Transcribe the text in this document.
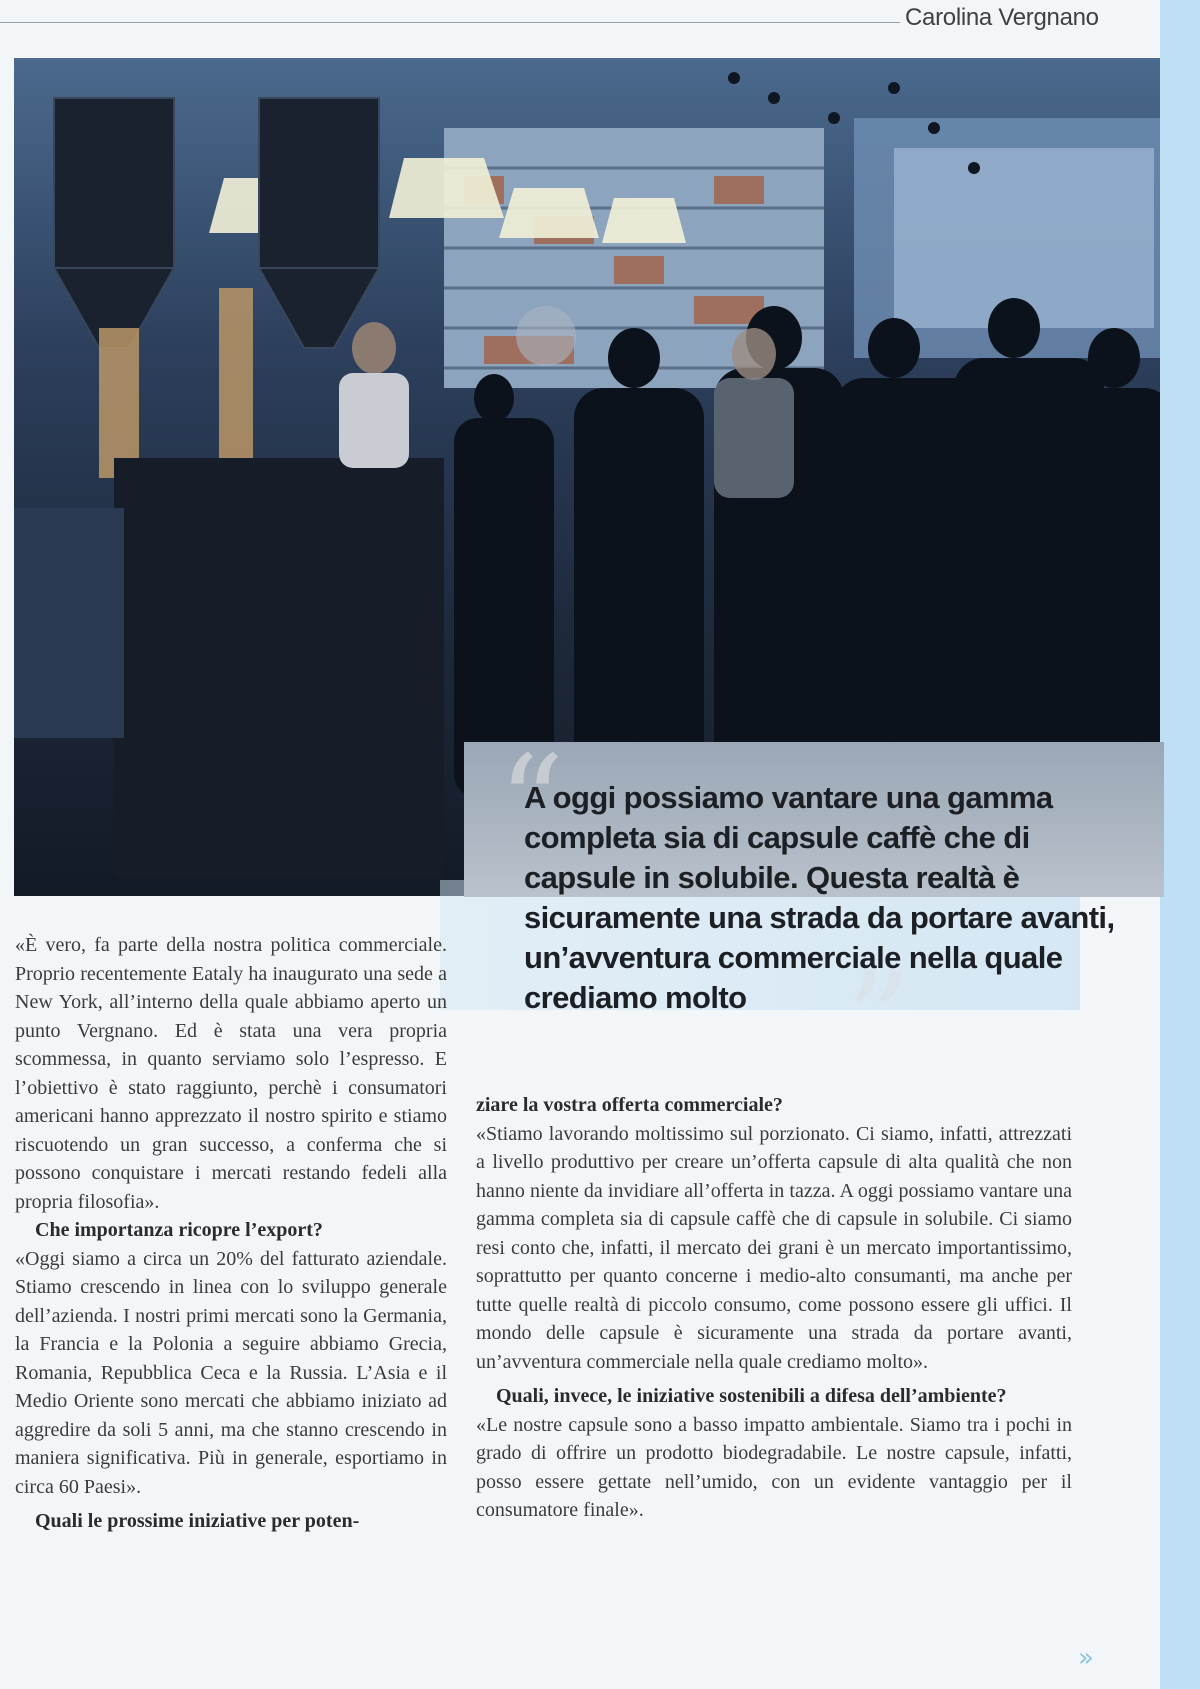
Carolina Vergnano
“

A oggi possiamo vantare una gamma completa sia di capsule caffè che di capsule in solubile. Questa realtà è sicuramente una strada da portare avanti, un’avventura commerciale nella quale crediamo molto ”

«È vero, fa parte della nostra politica commerciale. Proprio recentemente Eataly ha inaugurato una sede a New York, all’interno della quale abbiamo aperto un punto Vergnano. Ed è stata una vera propria scommessa, in quanto serviamo solo l’espresso. E l’obiettivo è stato raggiunto, perchè i consumatori americani hanno apprezzato il nostro spirito e stiamo riscuotendo un gran successo, a conferma che si possono conquistare i mercati restando fedeli alla propria filosofia».

Che importanza ricopre l’export?

«Oggi siamo a circa un 20% del fatturato aziendale. Stiamo crescendo in linea con lo sviluppo generale dell’azienda. I nostri primi mercati sono la Germania, la Francia e la Polonia a seguire abbiamo Grecia, Romania, Repubblica Ceca e la Russia. L’Asia e il Medio Oriente sono mercati che abbiamo iniziato ad aggredire da soli 5 anni, ma che stanno crescendo in maniera significativa. Più in generale, esportiamo in circa 60 Paesi».

Quali le prossime iniziative per poten-

ziare la vostra offerta commerciale?

«Stiamo lavorando moltissimo sul porzionato. Ci siamo, infatti, attrezzati a livello produttivo per creare un’offerta capsule di alta qualità che non hanno niente da invidiare all’offerta in tazza. A oggi possiamo vantare una gamma completa sia di capsule caffè che di capsule in solubile. Ci siamo resi conto che, infatti, il mercato dei grani è un mercato importantissimo, soprattutto per quanto concerne i medio-alto consumanti, ma anche per tutte quelle realtà di piccolo consumo, come possono essere gli uffici. Il mondo delle capsule è sicuramente una strada da portare avanti, un’avventura commerciale nella quale crediamo molto».

Quali, invece, le iniziative sostenibili a difesa dell’ambiente?

«Le nostre capsule sono a basso impatto ambientale. Siamo tra i pochi in grado di offrire un prodotto biodegradabile. Le nostre capsule, infatti, posso essere gettate nell’umido, con un evidente vantaggio per il consumatore finale».

»
